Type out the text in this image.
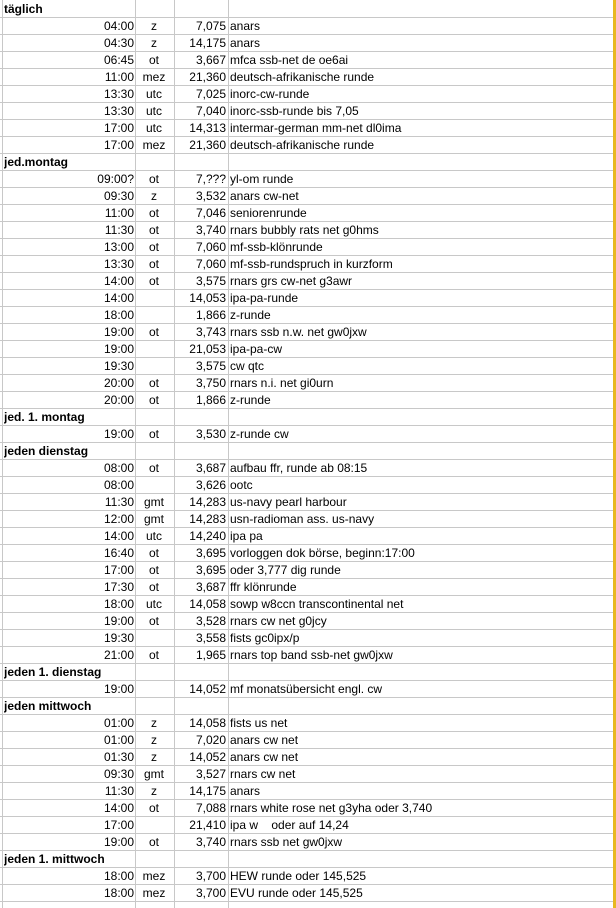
täglich
04:00	z	7,075 anars
04:30	z	14,175 anars
06:45	ot	3,667 mfca ssb-net de oe6ai
11:00 mez	21,360 deutsch-afrikanische runde
13:30 utc	7,025 inorc-cw-runde
13:30 utc	7,040 inorc-ssb-runde bis 7,05
17:00 utc	14,313 intermar-german mm-net dl0ima
17:00 mez	21,360 deutsch-afrikanische runde
jed.montag
09:00?	ot	7,??? yl-om runde
09:30	z	3,532 anars cw-net
11:00	ot	7,046 seniorenrunde
11:30	ot	3,740 rnars bubbly rats net g0hms
13:00	ot	7,060 mf-ssb-klönrunde
13:30	ot	7,060 mf-ssb-rundspruch in kurzform
14:00	ot	3,575 rnars grs cw-net g3awr
14:00	14,053 ipa-pa-runde
18:00	1,866 z-runde
19:00	ot	3,743 rnars ssb n.w. net gw0jxw
19:00	21,053 ipa-pa-cw
19:30	3,575 cw qtc
20:00	ot	3,750 rnars n.i. net gi0urn
20:00	ot	1,866 z-runde
jed. 1. montag
19:00	ot	3,530 z-runde cw
jeden dienstag
08:00	ot	3,687 aufbau ffr, runde ab 08:15
08:00	3,626 ootc
11:30 gmt	14,283 us-navy pearl harbour
12:00 gmt	14,283 usn-radioman ass. us-navy
14:00 utc	14,240 ipa pa
16:40	ot	3,695 vorloggen dok börse, beginn:17:00
17:00	ot	3,695 oder 3,777 dig runde
17:30	ot	3,687 ffr klönrunde
18:00 utc	14,058 sowp w8ccn transcontinental net
19:00	ot	3,528 rnars cw net g0jcy
19:30	3,558 fists gc0ipx/p
21:00	ot	1,965 rnars top band ssb-net gw0jxw
jeden 1. dienstag
19:00	14,052 mf monatsübersicht engl. cw
jeden mittwoch
01:00	z	14,058 fists us net
01:00	z	7,020 anars cw net
01:30	z	14,052 anars cw net
09:30 gmt	3,527 rnars cw net
11:30	z	14,175 anars
14:00	ot	7,088 rnars white rose net g3yha oder 3,740
17:00	21,410 ipa w    oder auf 14,24
19:00	ot	3,740 rnars ssb net gw0jxw
jeden 1. mittwoch
18:00 mez	3,700 HEW runde oder 145,525
18:00 mez	3,700 EVU runde oder 145,525
